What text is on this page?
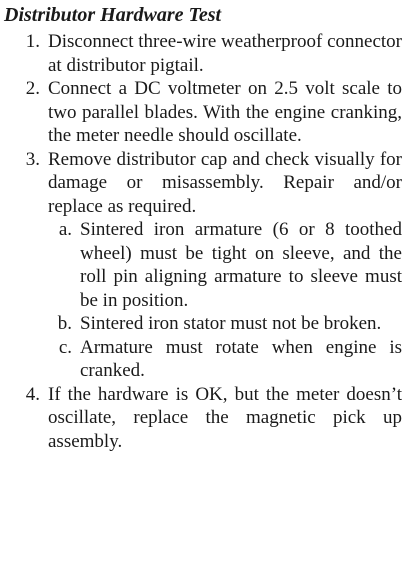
Distributor Hardware Test
1. Disconnect three-wire weatherproof connector at distributor pigtail.
2. Connect a DC voltmeter on 2.5 volt scale to two parallel blades. With the engine cranking, the meter needle should oscillate.
3. Remove distributor cap and check visually for damage or misassembly. Repair and/or replace as required.
a. Sintered iron armature (6 or 8 toothed wheel) must be tight on sleeve, and the roll pin aligning armature to sleeve must be in position.
b. Sintered iron stator must not be broken.
c. Armature must rotate when engine is cranked.
4. If the hardware is OK, but the meter doesn’t oscillate, replace the magnetic pick up assembly.
